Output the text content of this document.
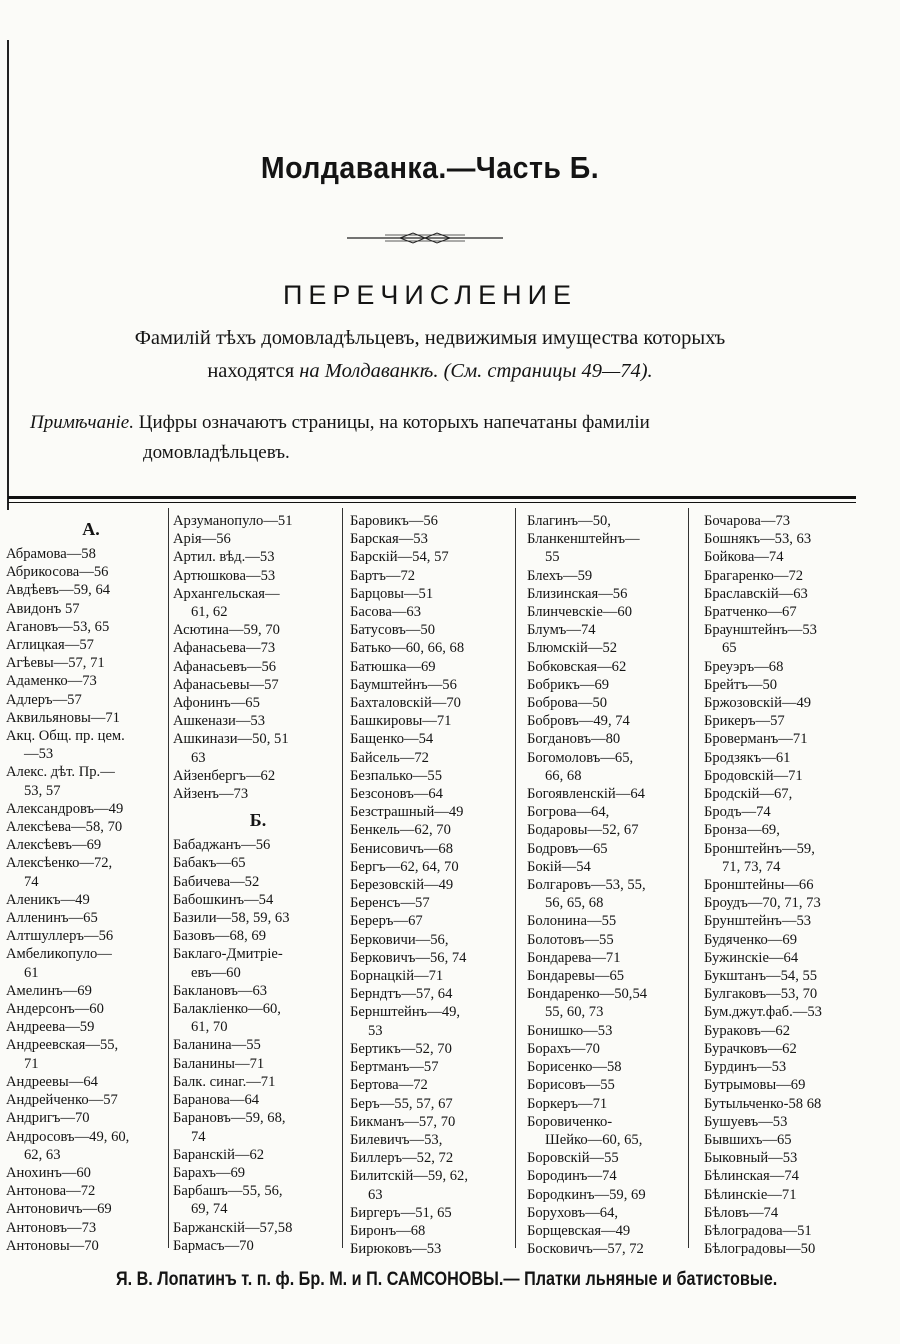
Молдаванка.—Часть Б.
ПЕРЕЧИСЛЕНИЕ
Фамилій тѣхъ домовладѣльцевъ, недвижимыя имущества которыхъ
находятся на Молдаванкѣ. (См. страницы 49—74).
Примѣчаніе. Цифры означаютъ страницы, на которыхъ напечатаны фамиліи
домовладѣльцевъ.
А.
Абрамова—58
Абрикосова—56
Авдѣевъ—59, 64
Авидонъ 57
Агановъ—53, 65
Аглицкая—57
Агѣевы—57, 71
Адаменко—73
Адлеръ—57
Аквильяновы—71
Акц. Общ. пр. цем.
—53
Алекс. дѣт. Пр.—
53, 57
Александровъ—49
Алексѣева—58, 70
Алексѣевъ—69
Алексѣенко—72,
74
Аленикъ—49
Алленинъ—65
Алтшуллеръ—56
Амбеликопуло—
61
Амелинъ—69
Андерсонъ—60
Андреева—59
Андреевская—55,
71
Андреевы—64
Андрейченко—57
Андригъ—70
Андросовъ—49, 60,
62, 63
Анохинъ—60
Антонова—72
Антоновичъ—69
Антоновъ—73
Антоновы—70
Арзуманопуло—51
Арія—56
Артил. вѣд.—53
Артюшкова—53
Архангельская—
61, 62
Асютина—59, 70
Афанасьева—73
Афанасьевъ—56
Афанасьевы—57
Афонинъ—65
Ашкенази—53
Ашкинази—50, 51
63
Айзенбергъ—62
Айзенъ—73
Б.
Бабаджанъ—56
Бабакъ—65
Бабичева—52
Бабошкинъ—54
Базили—58, 59, 63
Базовъ—68, 69
Баклаго-Дмитріе-
евъ—60
Баклановъ—63
Балакліенко—60,
61, 70
Баланина—55
Баланины—71
Балк. синаг.—71
Баранова—64
Барановъ—59, 68,
74
Баранскій—62
Барахъ—69
Барбашъ—55, 56,
69, 74
Баржанскій—57,58
Бармасъ—70
Баровикъ—56
Барская—53
Барскій—54, 57
Бартъ—72
Барцовы—51
Басова—63
Батусовъ—50
Батько—60, 66, 68
Батюшка—69
Баумштейнъ—56
Бахталовскій—70
Башкировы—71
Бащенко—54
Байсель—72
Безпалько—55
Безсоновъ—64
Безстрашный—49
Бенкель—62, 70
Бенисовичъ—68
Бергъ—62, 64, 70
Березовскій—49
Беренсъ—57
Береръ—67
Берковичи—56,
Берковичъ—56, 74
Борнацкій—71
Берндтъ—57, 64
Бернштейнъ—49,
53
Бертикъ—52, 70
Бертманъ—57
Бертова—72
Беръ—55, 57, 67
Бикманъ—57, 70
Билевичъ—53,
Биллеръ—52, 72
Билитскій—59, 62,
63
Биргеръ—51, 65
Биронъ—68
Бирюковъ—53
Благинъ—50,
Бланкенштейнъ—
55
Блехъ—59
Близинская—56
Блинчевскіе—60
Блумъ—74
Блюмскій—52
Бобковская—62
Бобрикъ—69
Боброва—50
Бобровъ—49, 74
Богдановъ—80
Богомоловъ—65,
66, 68
Богоявленскій—64
Богрова—64,
Бодаровы—52, 67
Бодровъ—65
Бокій—54
Болгаровъ—53, 55,
56, 65, 68
Болонина—55
Болотовъ—55
Бондарева—71
Бондаревы—65
Бондаренко—50,54
55, 60, 73
Бонишко—53
Борахъ—70
Борисенко—58
Борисовъ—55
Боркеръ—71
Боровиченко-
Шейко—60, 65,
Боровскій—55
Бородинъ—74
Бородкинъ—59, 69
Боруховъ—64,
Борщевская—49
Босковичъ—57, 72
Бочарова—73
Бошнякъ—53, 63
Бойкова—74
Брагаренко—72
Браславскій—63
Братченко—67
Браунштейнъ—53
65
Бреуэръ—68
Брейтъ—50
Бржозовскій—49
Брикеръ—57
Броверманъ—71
Бродзякъ—61
Бродовскій—71
Бродскій—67,
Бродъ—74
Бронза—69,
Бронштейнъ—59,
71, 73, 74
Бронштейны—66
Броудъ—70, 71, 73
Брунштейнъ—53
Будяченко—69
Бужинскіе—64
Букштанъ—54, 55
Булгаковъ—53, 70
Бум.джут.фаб.—53
Бураковъ—62
Бурачковъ—62
Бурдинъ—53
Бутрымовы—69
Бутыльченко-58 68
Бушуевъ—53
Бывшихъ—65
Быковный—53
Бѣлинская—74
Бѣлинскіе—71
Бѣловъ—74
Бѣлоградова—51
Бѣлоградовы—50
Я. В. Лопатинъ т. п. ф. Бр. М. и П. САМСОНОВЫ.— Платки льняные и батистовые.
